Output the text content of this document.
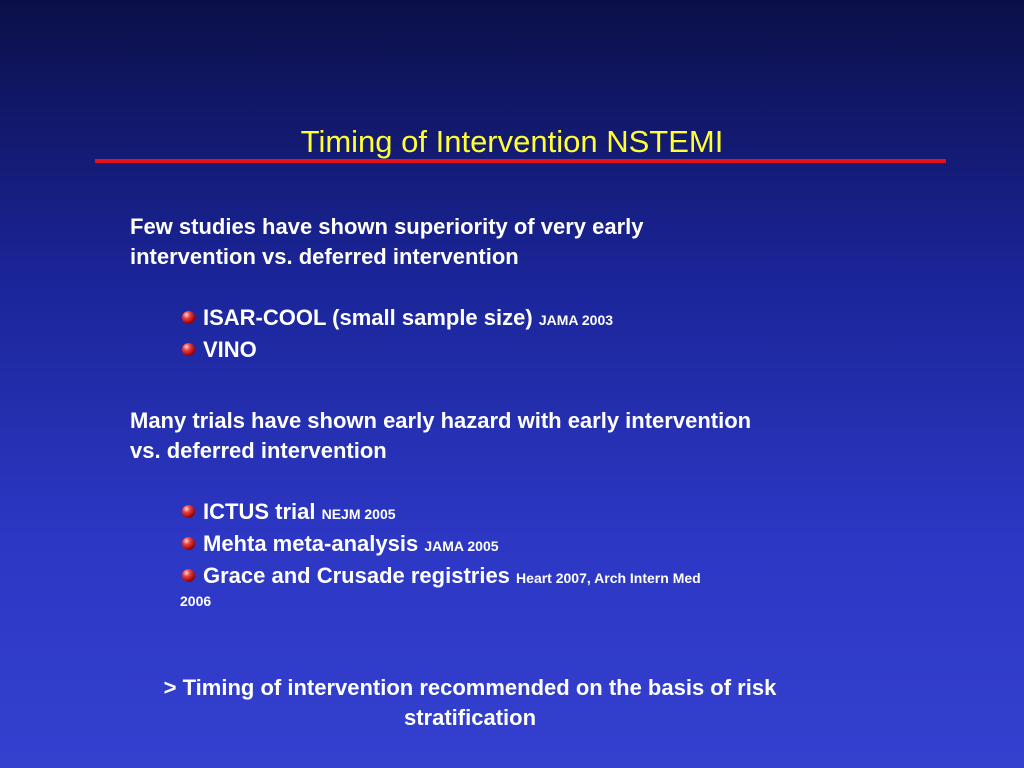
Timing of Intervention NSTEMI
Few studies have shown superiority of very early intervention vs. deferred intervention
ISAR-COOL (small sample size) JAMA 2003
VINO
Many trials have shown early hazard with early intervention vs. deferred intervention
ICTUS trial NEJM 2005
Mehta meta-analysis JAMA 2005
Grace and Crusade registries Heart 2007, Arch Intern Med
2006
> Timing of intervention recommended on the basis of risk stratification
